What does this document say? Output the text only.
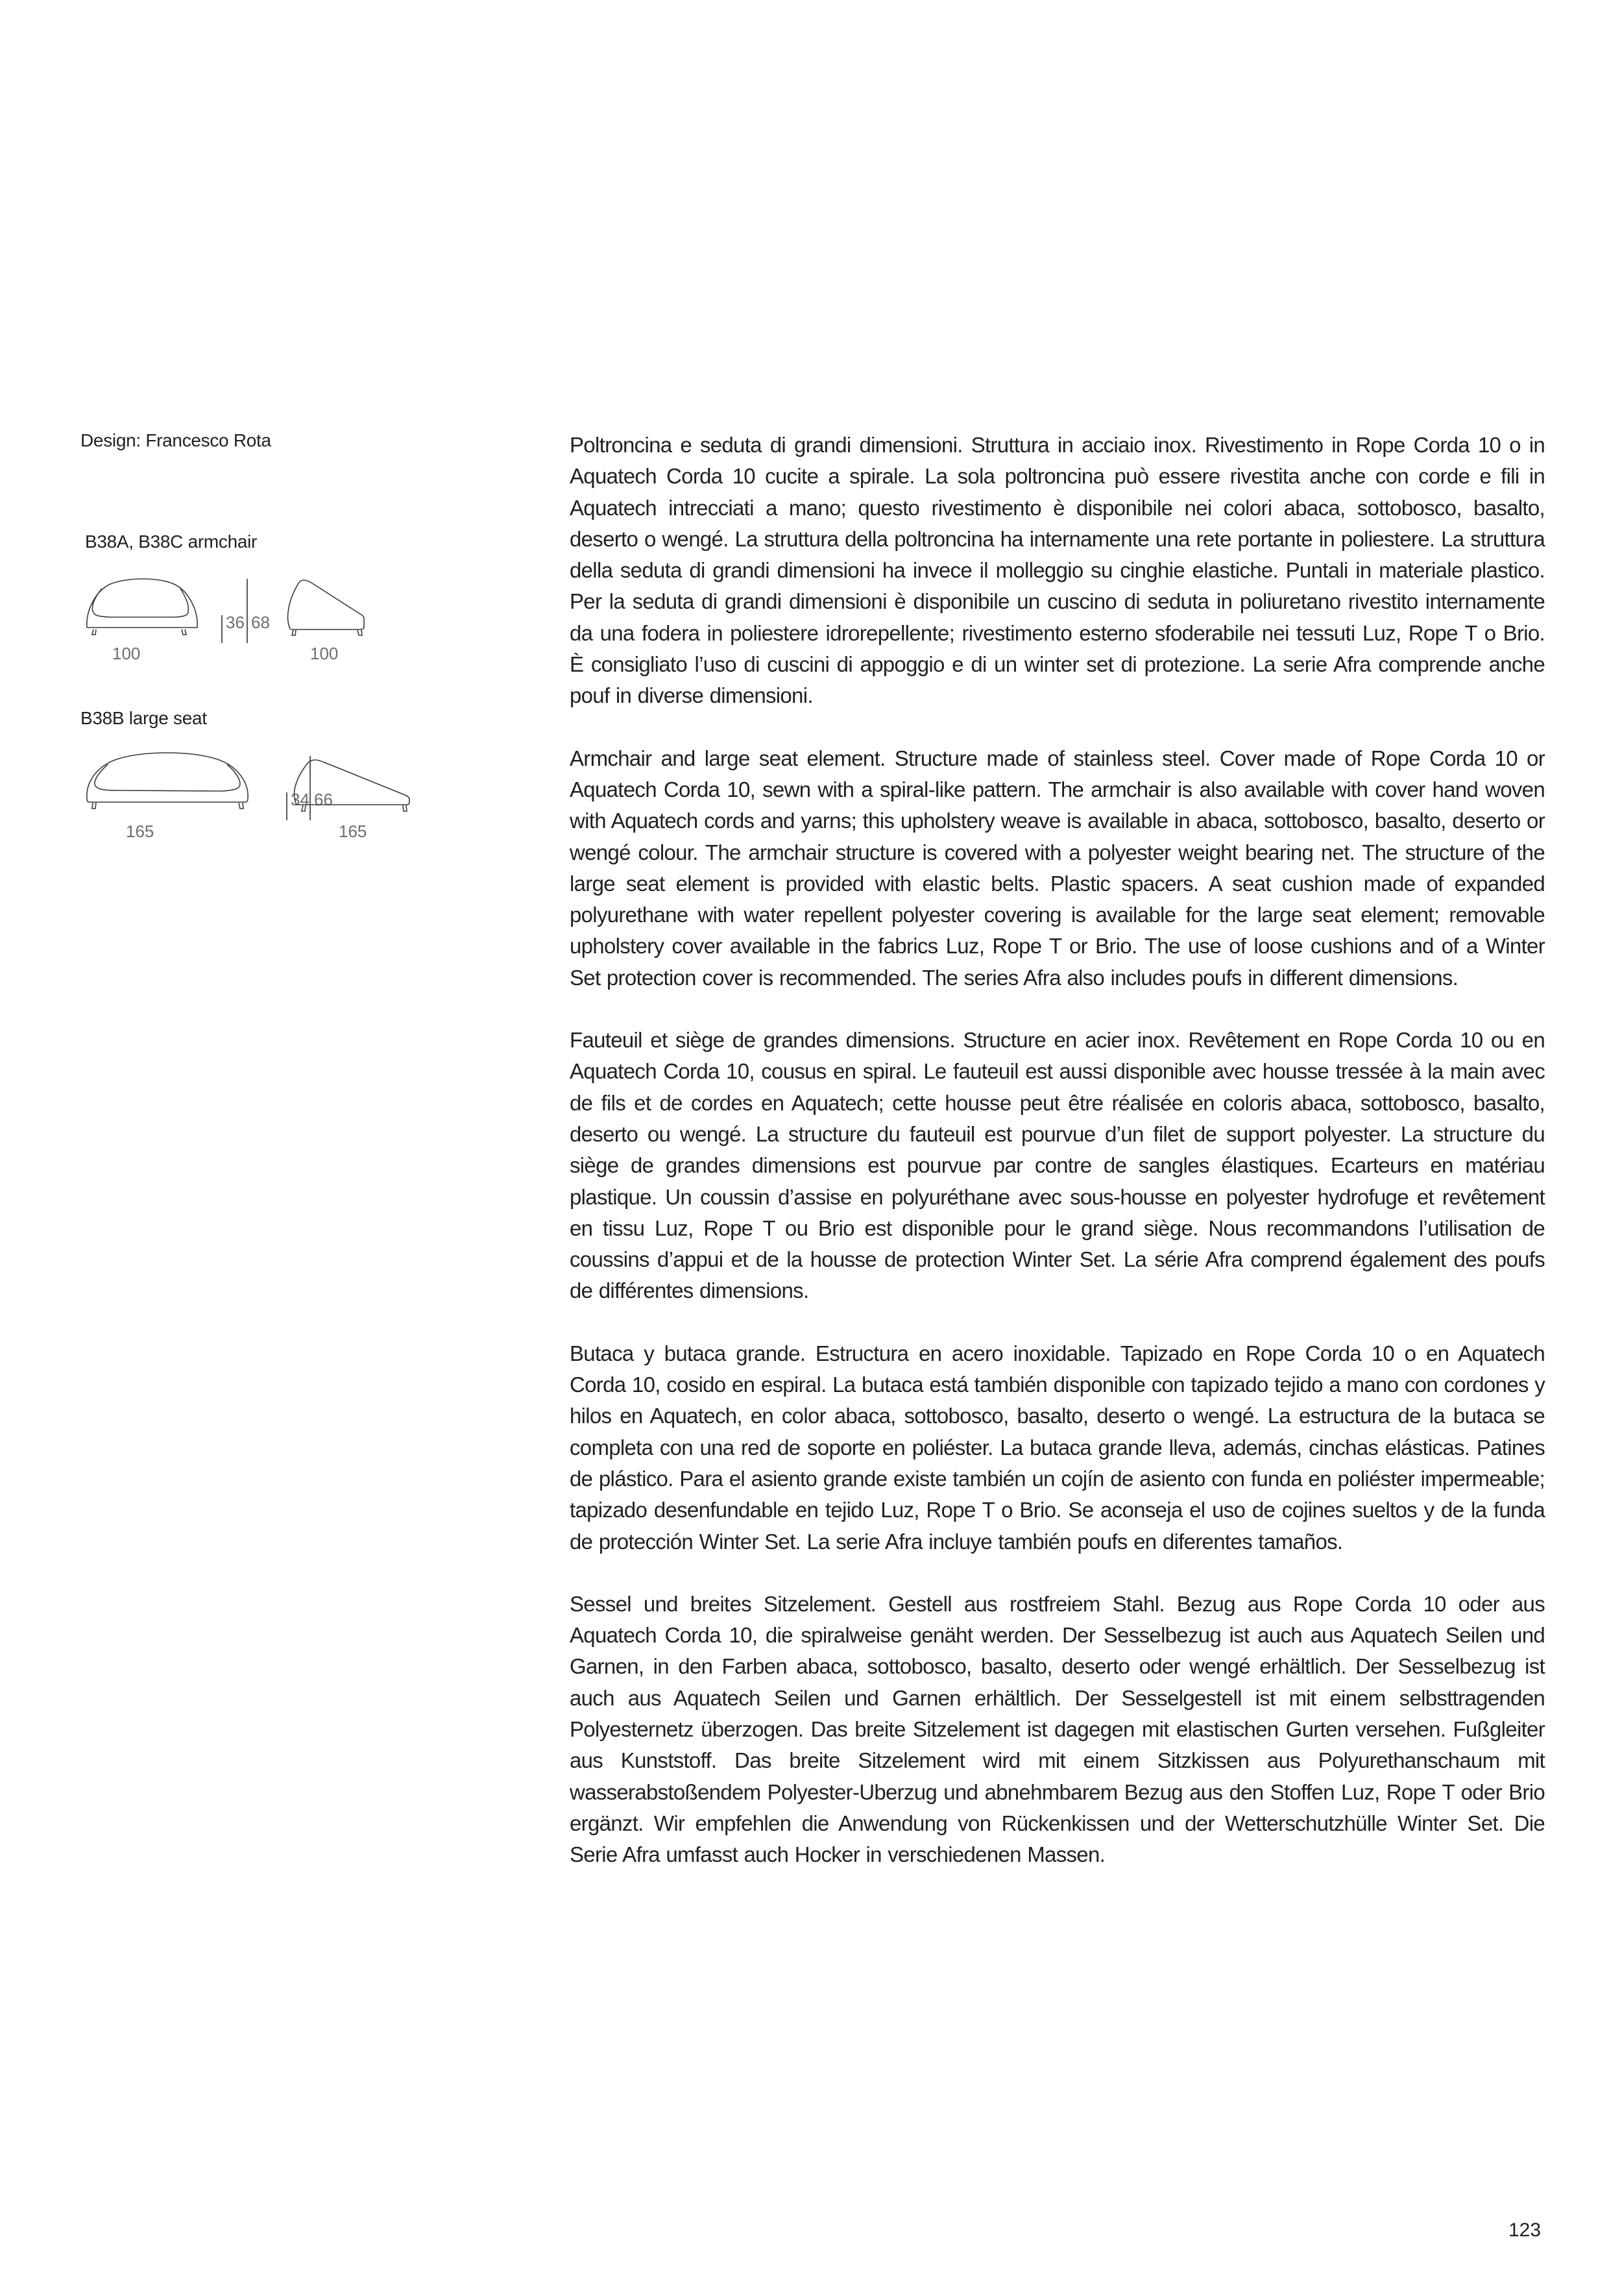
Design: Francesco Rota
B38A, B38C armchair
100
36 68
100
B38B large seat
165
34 66
165

Poltroncina e seduta di grandi dimensioni. Struttura in acciaio inox. Rivestimento in Rope Corda 10 o in Aquatech Corda 10 cucite a spirale. La sola poltroncina può essere rivestita anche con corde e fili in Aquatech intrecciati a mano; questo rivestimento è disponibile nei colori abaca, sottobosco, basalto, deserto o wengé. La struttura della poltroncina ha internamente una rete portante in poliestere. La struttura della seduta di grandi dimensioni ha invece il molleggio su cinghie elastiche. Puntali in materiale plastico. Per la seduta di grandi dimensioni è disponibile un cuscino di seduta in poliuretano rivestito internamente da una fodera in poliestere idrorepellente; rivestimento esterno sfoderabile nei tessuti Luz, Rope T o Brio. È consigliato l’uso di cuscini di appoggio e di un winter set di protezione. La serie Afra comprende anche pouf in diverse dimensioni.

Armchair and large seat element. Structure made of stainless steel. Cover made of Rope Corda 10 or Aquatech Corda 10, sewn with a spiral-like pattern. The armchair is also available with cover hand woven with Aquatech cords and yarns; this upholstery weave is available in abaca, sottobosco, basalto, deserto or wengé colour. The armchair structure is covered with a polyester weight bearing net. The structure of the large seat element is provided with elastic belts. Plastic spacers. A seat cushion made of expanded polyurethane with water repellent polyester covering is available for the large seat element; removable upholstery cover available in the fabrics Luz, Rope T or Brio. The use of loose cushions and of a Winter Set protection cover is recommended. The series Afra also includes poufs in different dimensions.

Fauteuil et siège de grandes dimensions. Structure en acier inox. Revêtement en Rope Corda 10 ou en Aquatech Corda 10, cousus en spiral. Le fauteuil est aussi disponible avec housse tressée à la main avec de fils et de cordes en Aquatech; cette housse peut être réalisée en coloris abaca, sottobosco, basalto, deserto ou wengé. La structure du fauteuil est pourvue d’un filet de support polyester. La structure du siège de grandes dimensions est pourvue par contre de sangles élastiques. Ecarteurs en matériau plastique. Un coussin d’assise en polyuréthane avec sous-housse en polyester hydrofuge et revêtement en tissu Luz, Rope T ou Brio est disponible pour le grand siège. Nous recommandons l’utilisation de coussins d’appui et de la housse de protection Winter Set. La série Afra comprend également des poufs de différentes dimensions.

Butaca y butaca grande. Estructura en acero inoxidable. Tapizado en Rope Corda 10 o en Aquatech Corda 10, cosido en espiral. La butaca está también disponible con tapizado tejido a mano con cordones y hilos en Aquatech, en color abaca, sottobosco, basalto, deserto o wengé. La estructura de la butaca se completa con una red de soporte en poliéster. La butaca grande lleva, además, cinchas elásticas. Patines de plástico. Para el asiento grande existe también un cojín de asiento con funda en poliéster impermeable; tapizado desenfundable en tejido Luz, Rope T o Brio. Se aconseja el uso de cojines sueltos y de la funda de protección Winter Set. La serie Afra incluye también poufs en diferentes tamaños.

Sessel und breites Sitzelement. Gestell aus rostfreiem Stahl. Bezug aus Rope Corda 10 oder aus Aquatech Corda 10, die spiralweise genäht werden. Der Sesselbezug ist auch aus Aquatech Seilen und Garnen, in den Farben abaca, sottobosco, basalto, deserto oder wengé erhältlich. Der Sesselbezug ist auch aus Aquatech Seilen und Garnen erhältlich. Der Sesselgestell ist mit einem selbsttragenden Polyesternetz überzogen. Das breite Sitzelement ist dagegen mit elastischen Gurten versehen. Fußgleiter aus Kunststoff. Das breite Sitzelement wird mit einem Sitzkissen aus Polyurethanschaum mit wasserabstoßendem Polyester-Uberzug und abnehmbarem Bezug aus den Stoffen Luz, Rope T oder Brio ergänzt. Wir empfehlen die Anwendung von Rückenkissen und der Wetterschutzhülle Winter Set. Die Serie Afra umfasst auch Hocker in verschiedenen Massen.

123
